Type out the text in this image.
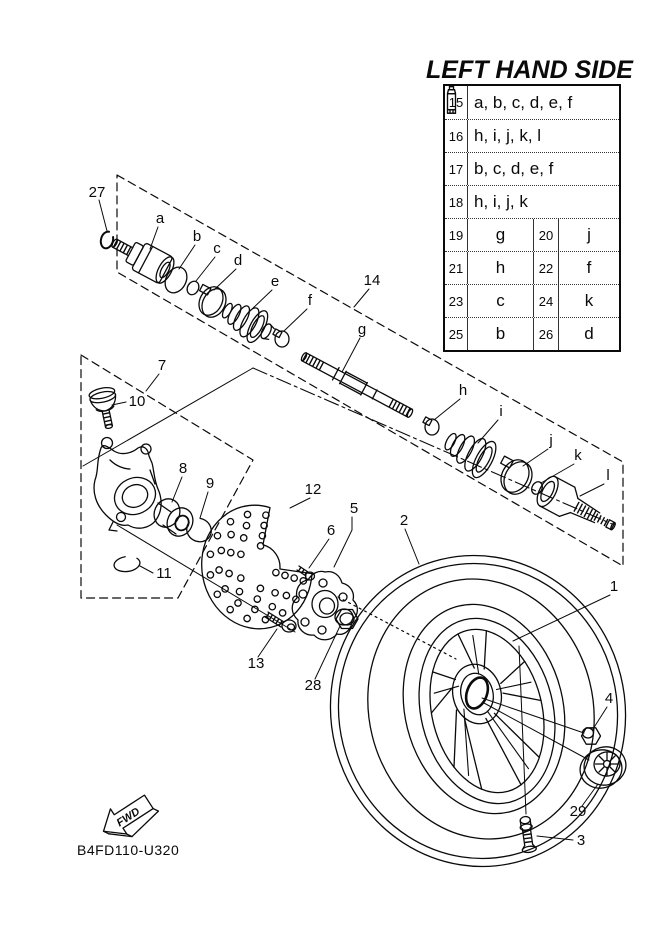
FWD
27
14
7
10
8
9
11
12
5
6
2
1
13
28
4
29
3
a
b
c
d
e
f
g
h
i
j
k
l
B4FD110-U320
LEFT HAND SIDE
15 a, b, c, d, e, f
16 h, i, j, k, l
17 b, c, d, e, f
18 h, i, j, k
19	g	20	j
21	h	22	f
23	c	24	k
25	b	26	d
